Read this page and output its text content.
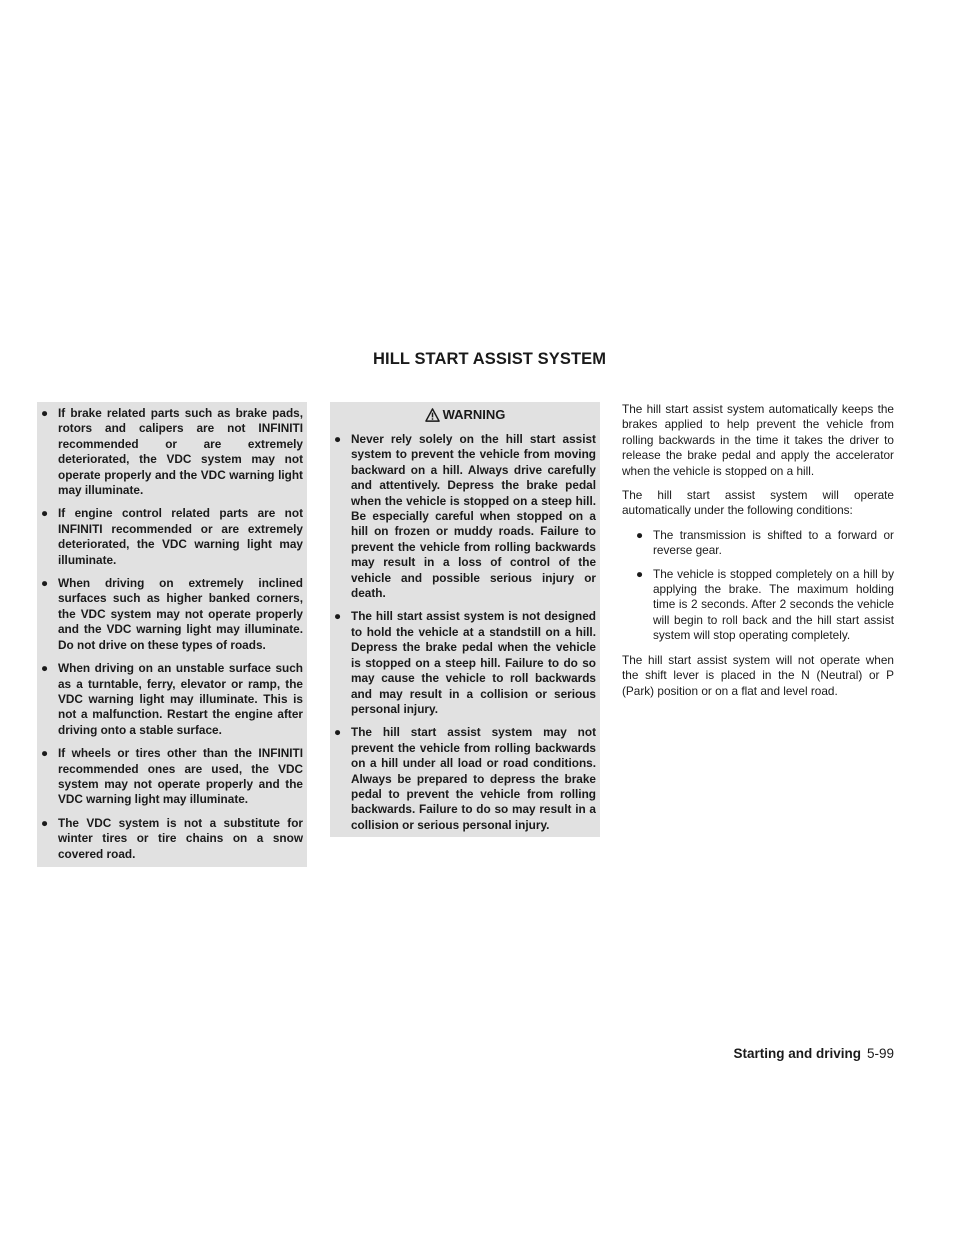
HILL START ASSIST SYSTEM
● If brake related parts such as brake pads, rotors and calipers are not INFINITI recommended or are extremely deteriorated, the VDC system may not operate properly and the VDC warning light may illuminate.
● If engine control related parts are not INFINITI recommended or are extremely deteriorated, the VDC warning light may illuminate.
● When driving on extremely inclined surfaces such as higher banked corners, the VDC system may not operate properly and the VDC warning light may illuminate. Do not drive on these types of roads.
● When driving on an unstable surface such as a turntable, ferry, elevator or ramp, the VDC warning light may illuminate. This is not a malfunction. Restart the engine after driving onto a stable surface.
● If wheels or tires other than the INFINITI recommended ones are used, the VDC system may not operate properly and the VDC warning light may illuminate.
● The VDC system is not a substitute for winter tires or tire chains on a snow covered road.
WARNING
● Never rely solely on the hill start assist system to prevent the vehicle from moving backward on a hill. Always drive carefully and attentively. Depress the brake pedal when the vehicle is stopped on a steep hill. Be especially careful when stopped on a hill on frozen or muddy roads. Failure to prevent the vehicle from rolling backwards may result in a loss of control of the vehicle and possible serious injury or death.
● The hill start assist system is not designed to hold the vehicle at a standstill on a hill. Depress the brake pedal when the vehicle is stopped on a steep hill. Failure to do so may cause the vehicle to roll backwards and may result in a collision or serious personal injury.
● The hill start assist system may not prevent the vehicle from rolling backwards on a hill under all load or road conditions. Always be prepared to depress the brake pedal to prevent the vehicle from rolling backwards. Failure to do so may result in a collision or serious personal injury.

The hill start assist system automatically keeps the brakes applied to help prevent the vehicle from rolling backwards in the time it takes the driver to release the brake pedal and apply the accelerator when the vehicle is stopped on a hill.

The hill start assist system will operate automatically under the following conditions:

● The transmission is shifted to a forward or reverse gear.
● The vehicle is stopped completely on a hill by applying the brake. The maximum holding time is 2 seconds. After 2 seconds the vehicle will begin to roll back and the hill start assist system will stop operating completely.

The hill start assist system will not operate when the shift lever is placed in the N (Neutral) or P (Park) position or on a flat and level road.

Starting and driving 5-99
